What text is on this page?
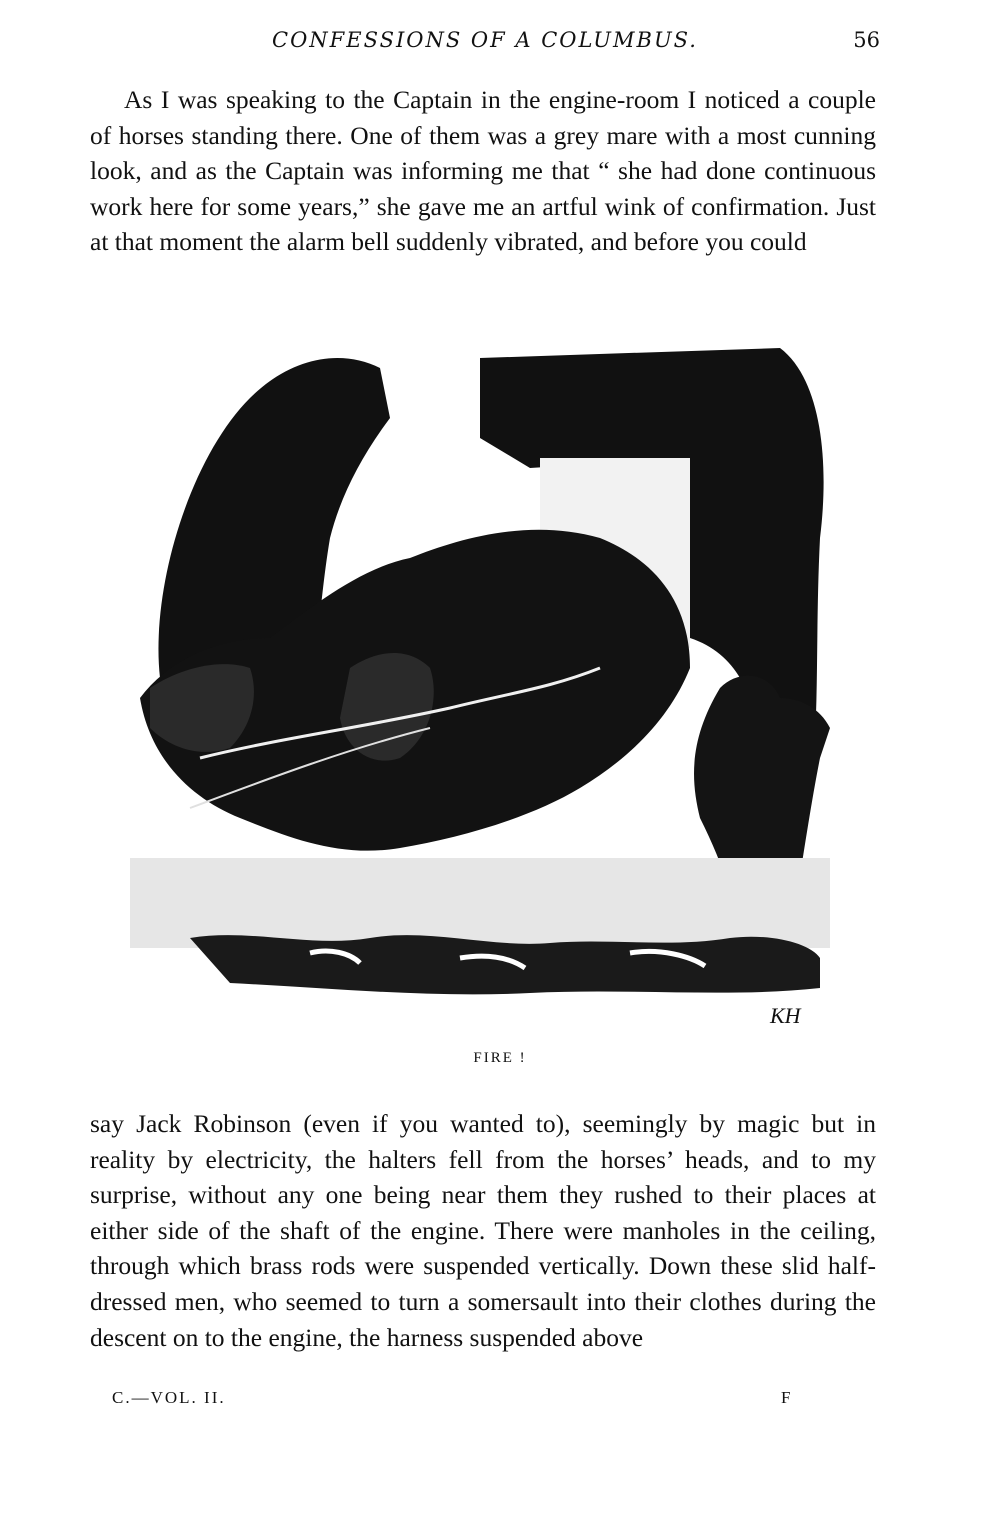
CONFESSIONS OF A COLUMBUS.	56

As I was speaking to the Captain in the engine-room I noticed a couple of horses standing there. One of them was a grey mare with a most cunning look, and as the Captain was informing me that “ she had done continuous work here for some years,” she gave me an artful wink of confirmation. Just at that moment the alarm bell suddenly vibrated, and before you could

KH
FIRE !

say Jack Robinson (even if you wanted to), seemingly by magic but in reality by electricity, the halters fell from the horses’ heads, and to my surprise, without any one being near them they rushed to their places at either side of the shaft of the engine. There were manholes in the ceiling, through which brass rods were suspended vertically. Down these slid half-dressed men, who seemed to turn a somersault into their clothes during the descent on to the engine, the harness suspended above

C.—VOL. II.	F
